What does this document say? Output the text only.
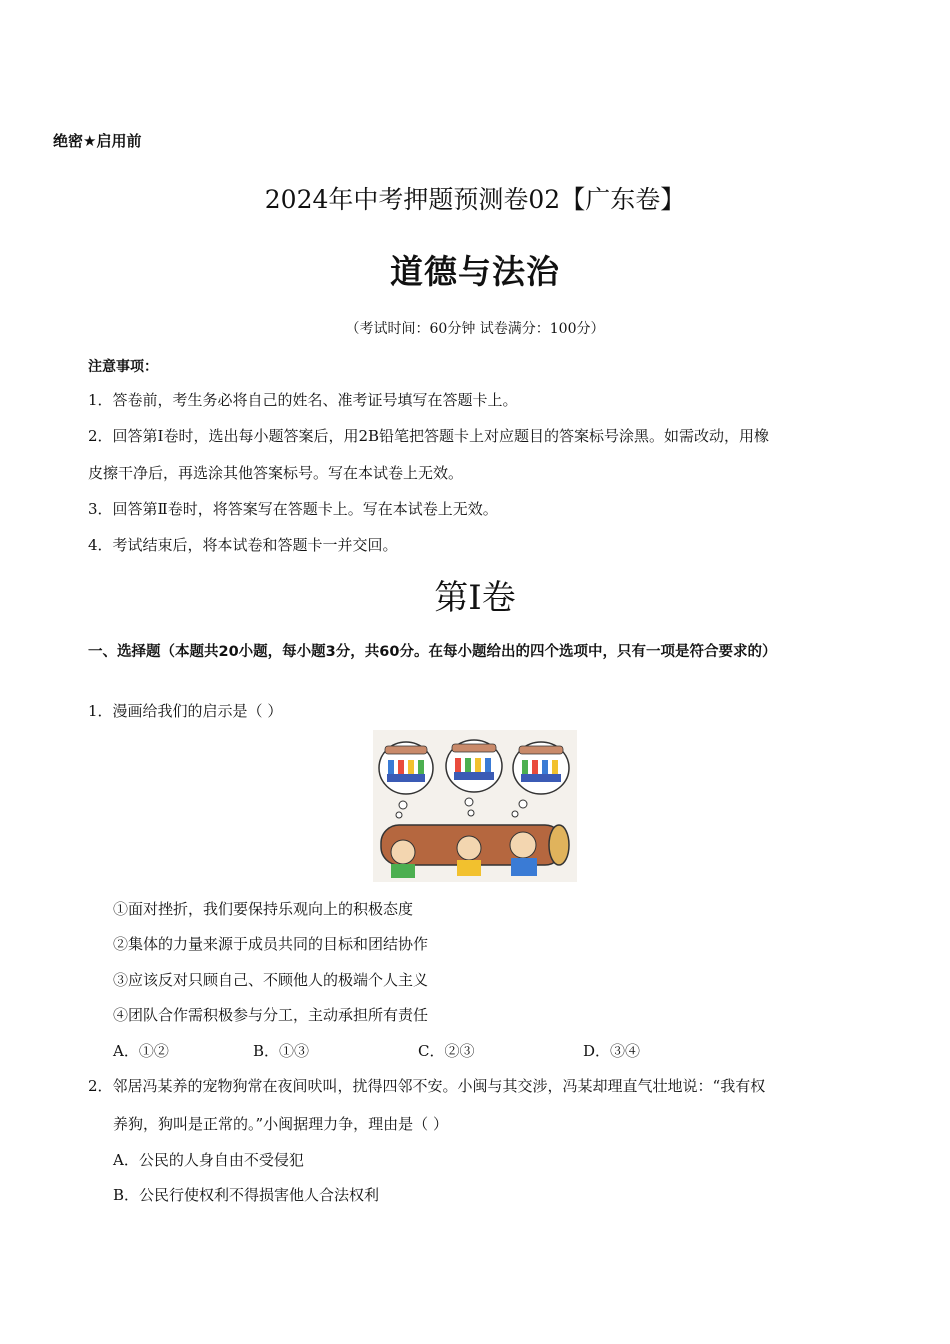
绝密★启用前
2024年中考押题预测卷02【广东卷】
道德与法治
（考试时间：60分钟 试卷满分：100分）
注意事项：
1．答卷前，考生务必将自己的姓名、准考证号填写在答题卡上。
2．回答第Ⅰ卷时，选出每小题答案后，用2B铅笔把答题卡上对应题目的答案标号涂黑。如需改动，用橡
皮擦干净后，再选涂其他答案标号。写在本试卷上无效。
3．回答第Ⅱ卷时，将答案写在答题卡上。写在本试卷上无效。
4．考试结束后，将本试卷和答题卡一并交回。
第Ⅰ卷
一、选择题（本题共20小题，每小题3分，共60分。在每小题给出的四个选项中，只有一项是符合要求的）
1．漫画给我们的启示是（ ）
①面对挫折，我们要保持乐观向上的积极态度
②集体的力量来源于成员共同的目标和团结协作
③应该反对只顾自己、不顾他人的极端个人主义
④团队合作需积极参与分工，主动承担所有责任
A．①②	B．①③	C．②③	D．③④
2．邻居冯某养的宠物狗常在夜间吠叫，扰得四邻不安。小闽与其交涉，冯某却理直气壮地说：“我有权
养狗，狗叫是正常的。”小闽据理力争，理由是（ ）
A．公民的人身自由不受侵犯
B．公民行使权利不得损害他人合法权利
